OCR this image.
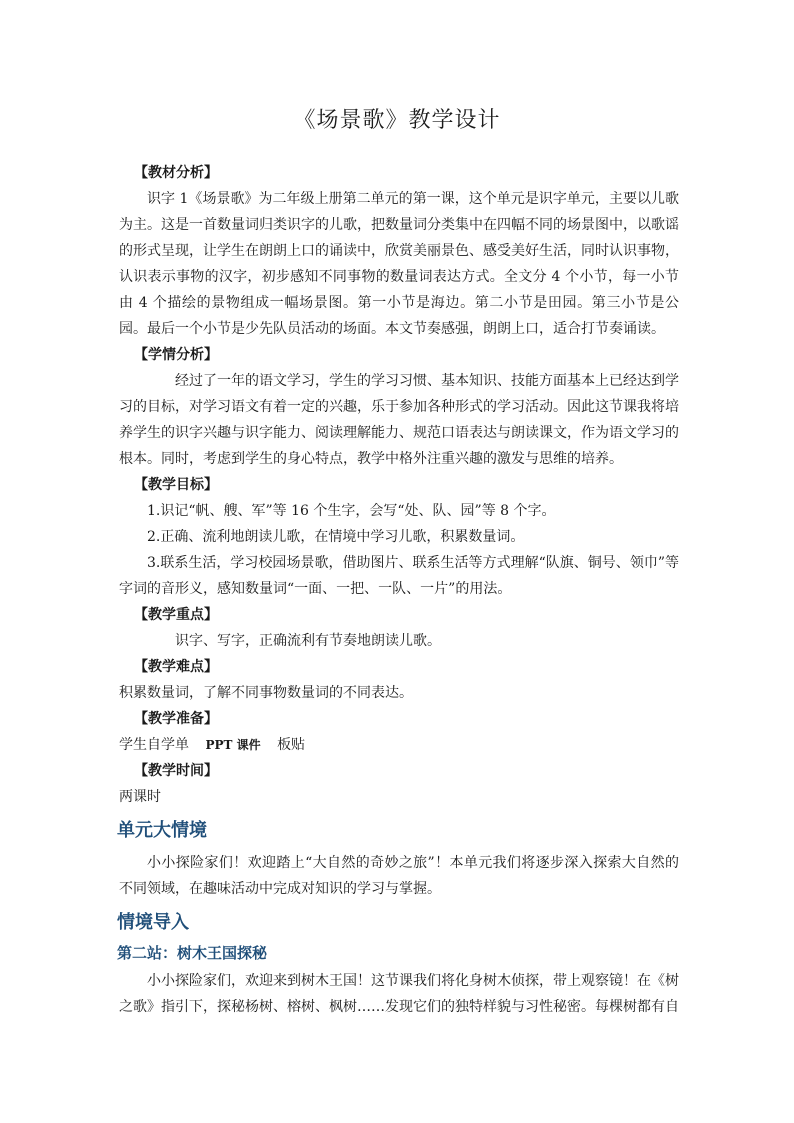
《场景歌》教学设计
【教材分析】

识字 1《场景歌》为二年级上册第二单元的第一课，这个单元是识字单元，主要以儿歌为主。这是一首数量词归类识字的儿歌，把数量词分类集中在四幅不同的场景图中，以歌谣的形式呈现，让学生在朗朗上口的诵读中，欣赏美丽景色、感受美好生活，同时认识事物，认识表示事物的汉字，初步感知不同事物的数量词表达方式。全文分 4 个小节，每一小节由 4 个描绘的景物组成一幅场景图。第一小节是海边。第二小节是田园。第三小节是公园。最后一个小节是少先队员活动的场面。本文节奏感强，朗朗上口，适合打节奏诵读。

【学情分析】

经过了一年的语文学习，学生的学习习惯、基本知识、技能方面基本上已经达到学习的目标，对学习语文有着一定的兴趣，乐于参加各种形式的学习活动。因此这节课我将培养学生的识字兴趣与识字能力、阅读理解能力、规范口语表达与朗读课文，作为语文学习的根本。同时，考虑到学生的身心特点，教学中格外注重兴趣的激发与思维的培养。

【教学目标】

1.识记“帆、艘、军”等 16 个生字，会写“处、队、园”等 8 个字。

2.正确、流利地朗读儿歌，在情境中学习儿歌，积累数量词。

3.联系生活，学习校园场景歌，借助图片、联系生活等方式理解“队旗、铜号、领巾”等字词的音形义，感知数量词“一面、一把、一队、一片”的用法。

【教学重点】

识字、写字，正确流利有节奏地朗读儿歌。

【教学难点】

积累数量词，了解不同事物数量词的不同表达。

【教学准备】

学生自学单 PPT 课件 板贴

【教学时间】

两课时

单元大情境

小小探险家们！欢迎踏上“大自然的奇妙之旅”！本单元我们将逐步深入探索大自然的不同领域，在趣味活动中完成对知识的学习与掌握。

情境导入
第二站：树木王国探秘

小小探险家们，欢迎来到树木王国！这节课我们将化身树木侦探，带上观察镜！在《树之歌》指引下，探秘杨树、榕树、枫树……发现它们的独特样貌与习性秘密。每棵树都有自
